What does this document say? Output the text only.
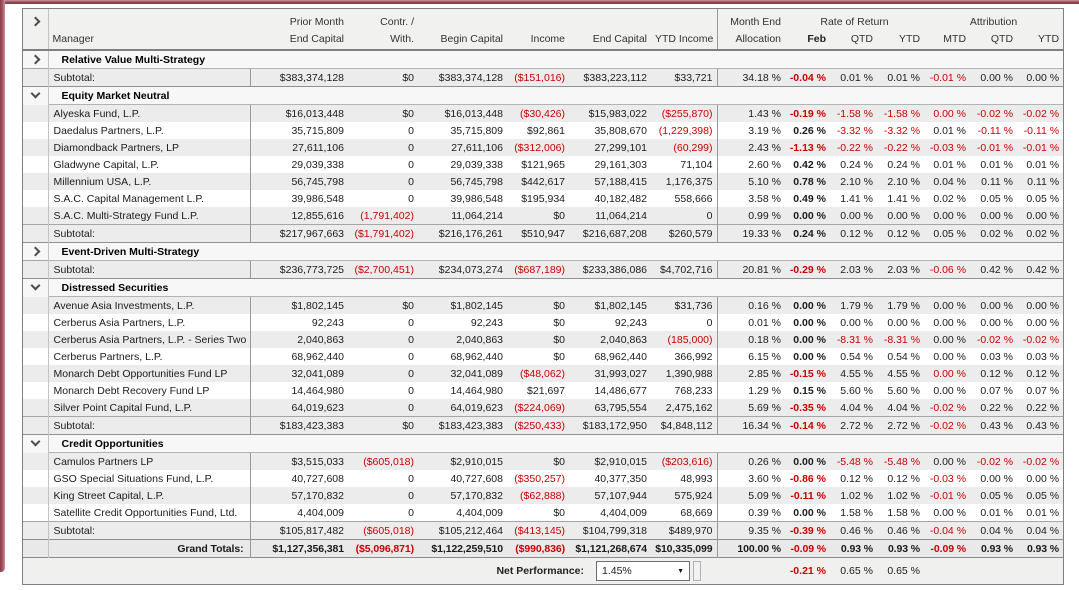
		Prior Month	Contr. /					Month End	Rate of Return			Attribution		
	Manager	End Capital	With.	Begin Capital	Income	End Capital	YTD Income	Allocation	Feb	QTD	YTD	MTD	QTD	YTD
	Relative Value Multi-Strategy													
	Subtotal:	$383,374,128	$0	$383,374,128	($151,016)	$383,223,112	$33,721	34.18 %	-0.04 %	0.01 %	0.01 %	-0.01 %	0.00 %	0.00 %
	Equity Market Neutral													
	Alyeska Fund, L.P.	$16,013,448	$0	$16,013,448	($30,426)	$15,983,022	($255,870)	1.43 %	-0.19 %	-1.58 %	-1.58 %	0.00 %	-0.02 %	-0.02 %
	Daedalus Partners, L.P.	35,715,809	0	35,715,809	$92,861	35,808,670	(1,229,398)	3.19 %	0.26 %	-3.32 %	-3.32 %	0.01 %	-0.11 %	-0.11 %
	Diamondback Partners, LP	27,611,106	0	27,611,106	($312,006)	27,299,101	(60,299)	2.43 %	-1.13 %	-0.22 %	-0.22 %	-0.03 %	-0.01 %	-0.01 %
	Gladwyne Capital, L.P.	29,039,338	0	29,039,338	$121,965	29,161,303	71,104	2.60 %	0.42 %	0.24 %	0.24 %	0.01 %	0.01 %	0.01 %
	Millennium USA, L.P.	56,745,798	0	56,745,798	$442,617	57,188,415	1,176,375	5.10 %	0.78 %	2.10 %	2.10 %	0.04 %	0.11 %	0.11 %
	S.A.C. Capital Management L.P.	39,986,548	0	39,986,548	$195,934	40,182,482	558,666	3.58 %	0.49 %	1.41 %	1.41 %	0.02 %	0.05 %	0.05 %
	S.A.C. Multi-Strategy Fund L.P.	12,855,616	(1,791,402)	11,064,214	$0	11,064,214	0	0.99 %	0.00 %	0.00 %	0.00 %	0.00 %	0.00 %	0.00 %
	Subtotal:	$217,967,663	($1,791,402)	$216,176,261	$510,947	$216,687,208	$260,579	19.33 %	0.24 %	0.12 %	0.12 %	0.05 %	0.02 %	0.02 %
	Event-Driven Multi-Strategy													
	Subtotal:	$236,773,725	($2,700,451)	$234,073,274	($687,189)	$233,386,086	$4,702,716	20.81 %	-0.29 %	2.03 %	2.03 %	-0.06 %	0.42 %	0.42 %
	Distressed Securities													
	Avenue Asia Investments, L.P.	$1,802,145	$0	$1,802,145	$0	$1,802,145	$31,736	0.16 %	0.00 %	1.79 %	1.79 %	0.00 %	0.00 %	0.00 %
	Cerberus Asia Partners, L.P.	92,243	0	92,243	$0	92,243	0	0.01 %	0.00 %	0.00 %	0.00 %	0.00 %	0.00 %	0.00 %
	Cerberus Asia Partners, L.P. - Series Two	2,040,863	0	2,040,863	$0	2,040,863	(185,000)	0.18 %	0.00 %	-8.31 %	-8.31 %	0.00 %	-0.02 %	-0.02 %
	Cerberus Partners, L.P.	68,962,440	0	68,962,440	$0	68,962,440	366,992	6.15 %	0.00 %	0.54 %	0.54 %	0.00 %	0.03 %	0.03 %
	Monarch Debt Opportunities Fund LP	32,041,089	0	32,041,089	($48,062)	31,993,027	1,390,988	2.85 %	-0.15 %	4.55 %	4.55 %	0.00 %	0.12 %	0.12 %
	Monarch Debt Recovery Fund LP	14,464,980	0	14,464,980	$21,697	14,486,677	768,233	1.29 %	0.15 %	5.60 %	5.60 %	0.00 %	0.07 %	0.07 %
	Silver Point Capital Fund, L.P.	64,019,623	0	64,019,623	($224,069)	63,795,554	2,475,162	5.69 %	-0.35 %	4.04 %	4.04 %	-0.02 %	0.22 %	0.22 %
	Subtotal:	$183,423,383	$0	$183,423,383	($250,433)	$183,172,950	$4,848,112	16.34 %	-0.14 %	2.72 %	2.72 %	-0.02 %	0.43 %	0.43 %
	Credit Opportunities													
	Camulos Partners LP	$3,515,033	($605,018)	$2,910,015	$0	$2,910,015	($203,616)	0.26 %	0.00 %	-5.48 %	-5.48 %	0.00 %	-0.02 %	-0.02 %
	GSO Special Situations Fund, L.P.	40,727,608	0	40,727,608	($350,257)	40,377,350	48,993	3.60 %	-0.86 %	0.12 %	0.12 %	-0.03 %	0.00 %	0.00 %
	King Street Capital, L.P.	57,170,832	0	57,170,832	($62,888)	57,107,944	575,924	5.09 %	-0.11 %	1.02 %	1.02 %	-0.01 %	0.05 %	0.05 %
	Satellite Credit Opportunities Fund, Ltd.	4,404,009	0	4,404,009	$0	4,404,009	68,669	0.39 %	0.00 %	1.58 %	1.58 %	0.00 %	0.01 %	0.01 %
	Subtotal:	$105,817,482	($605,018)	$105,212,464	($413,145)	$104,799,318	$489,970	9.35 %	-0.39 %	0.46 %	0.46 %	-0.04 %	0.04 %	0.04 %
	Grand Totals:	$1,127,356,381	($5,096,871)	$1,122,259,510	($990,836)	$1,121,268,674	$10,335,099	100.00 %	-0.09 %	0.93 %	0.93 %	-0.09 %	0.93 %	0.93 %

	Net Performance: 1.45% ▼								-0.21 %	0.65 %	0.65 %			
